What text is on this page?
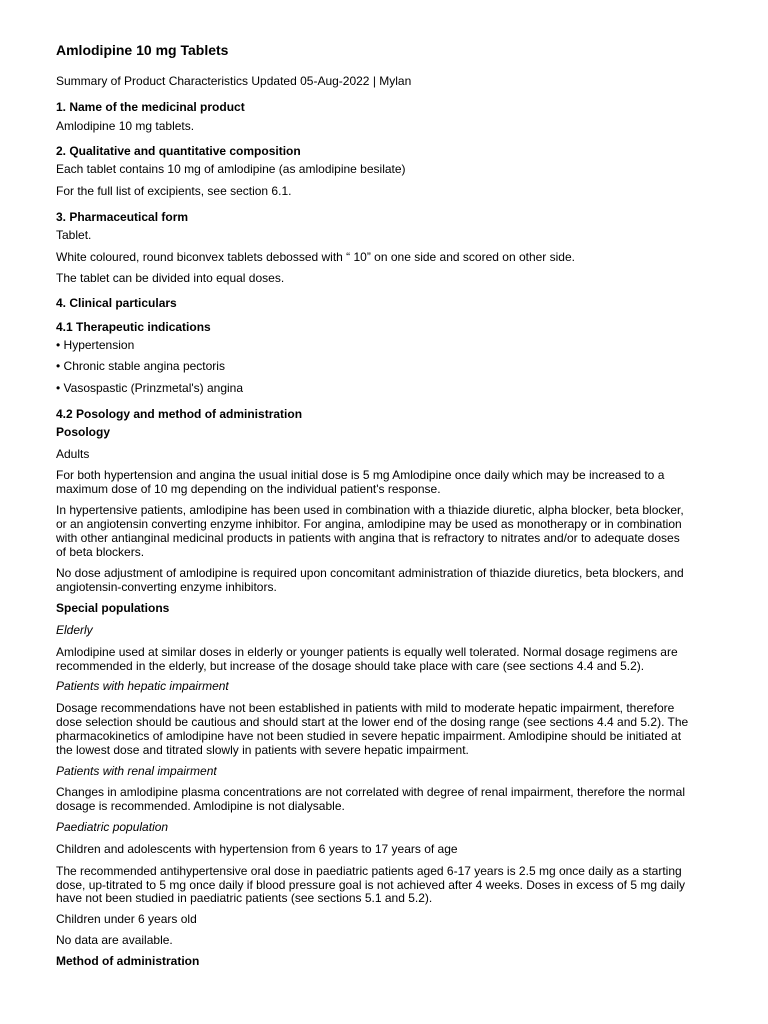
Amlodipine 10 mg Tablets

Summary of Product Characteristics Updated 05-Aug-2022 | Mylan

1. Name of the medicinal product

Amlodipine 10 mg tablets.

2. Qualitative and quantitative composition

Each tablet contains 10 mg of amlodipine (as amlodipine besilate)

For the full list of excipients, see section 6.1.

3. Pharmaceutical form

Tablet.

White coloured, round biconvex tablets debossed with “ 10” on one side and scored on other side.

The tablet can be divided into equal doses.

4. Clinical particulars

4.1 Therapeutic indications

• Hypertension

• Chronic stable angina pectoris

• Vasospastic (Prinzmetal's) angina

4.2 Posology and method of administration

Posology

Adults

For both hypertension and angina the usual initial dose is 5 mg Amlodipine once daily which may be increased to a

maximum dose of 10 mg depending on the individual patient's response.

In hypertensive patients, amlodipine has been used in combination with a thiazide diuretic, alpha blocker, beta blocker,

or an angiotensin converting enzyme inhibitor. For angina, amlodipine may be used as monotherapy or in combination

with other antianginal medicinal products in patients with angina that is refractory to nitrates and/or to adequate doses

of beta blockers.

No dose adjustment of amlodipine is required upon concomitant administration of thiazide diuretics, beta blockers, and

angiotensin-converting enzyme inhibitors.

Special populations

Elderly

Amlodipine used at similar doses in elderly or younger patients is equally well tolerated. Normal dosage regimens are

recommended in the elderly, but increase of the dosage should take place with care (see sections 4.4 and 5.2).

Patients with hepatic impairment

Dosage recommendations have not been established in patients with mild to moderate hepatic impairment, therefore

dose selection should be cautious and should start at the lower end of the dosing range (see sections 4.4 and 5.2). The

pharmacokinetics of amlodipine have not been studied in severe hepatic impairment. Amlodipine should be initiated at

the lowest dose and titrated slowly in patients with severe hepatic impairment.

Patients with renal impairment

Changes in amlodipine plasma concentrations are not correlated with degree of renal impairment, therefore the normal

dosage is recommended. Amlodipine is not dialysable.

Paediatric population

Children and adolescents with hypertension from 6 years to 17 years of age

The recommended antihypertensive oral dose in paediatric patients aged 6-17 years is 2.5 mg once daily as a starting

dose, up-titrated to 5 mg once daily if blood pressure goal is not achieved after 4 weeks. Doses in excess of 5 mg daily

have not been studied in paediatric patients (see sections 5.1 and 5.2).

Children under 6 years old

No data are available.

Method of administration
